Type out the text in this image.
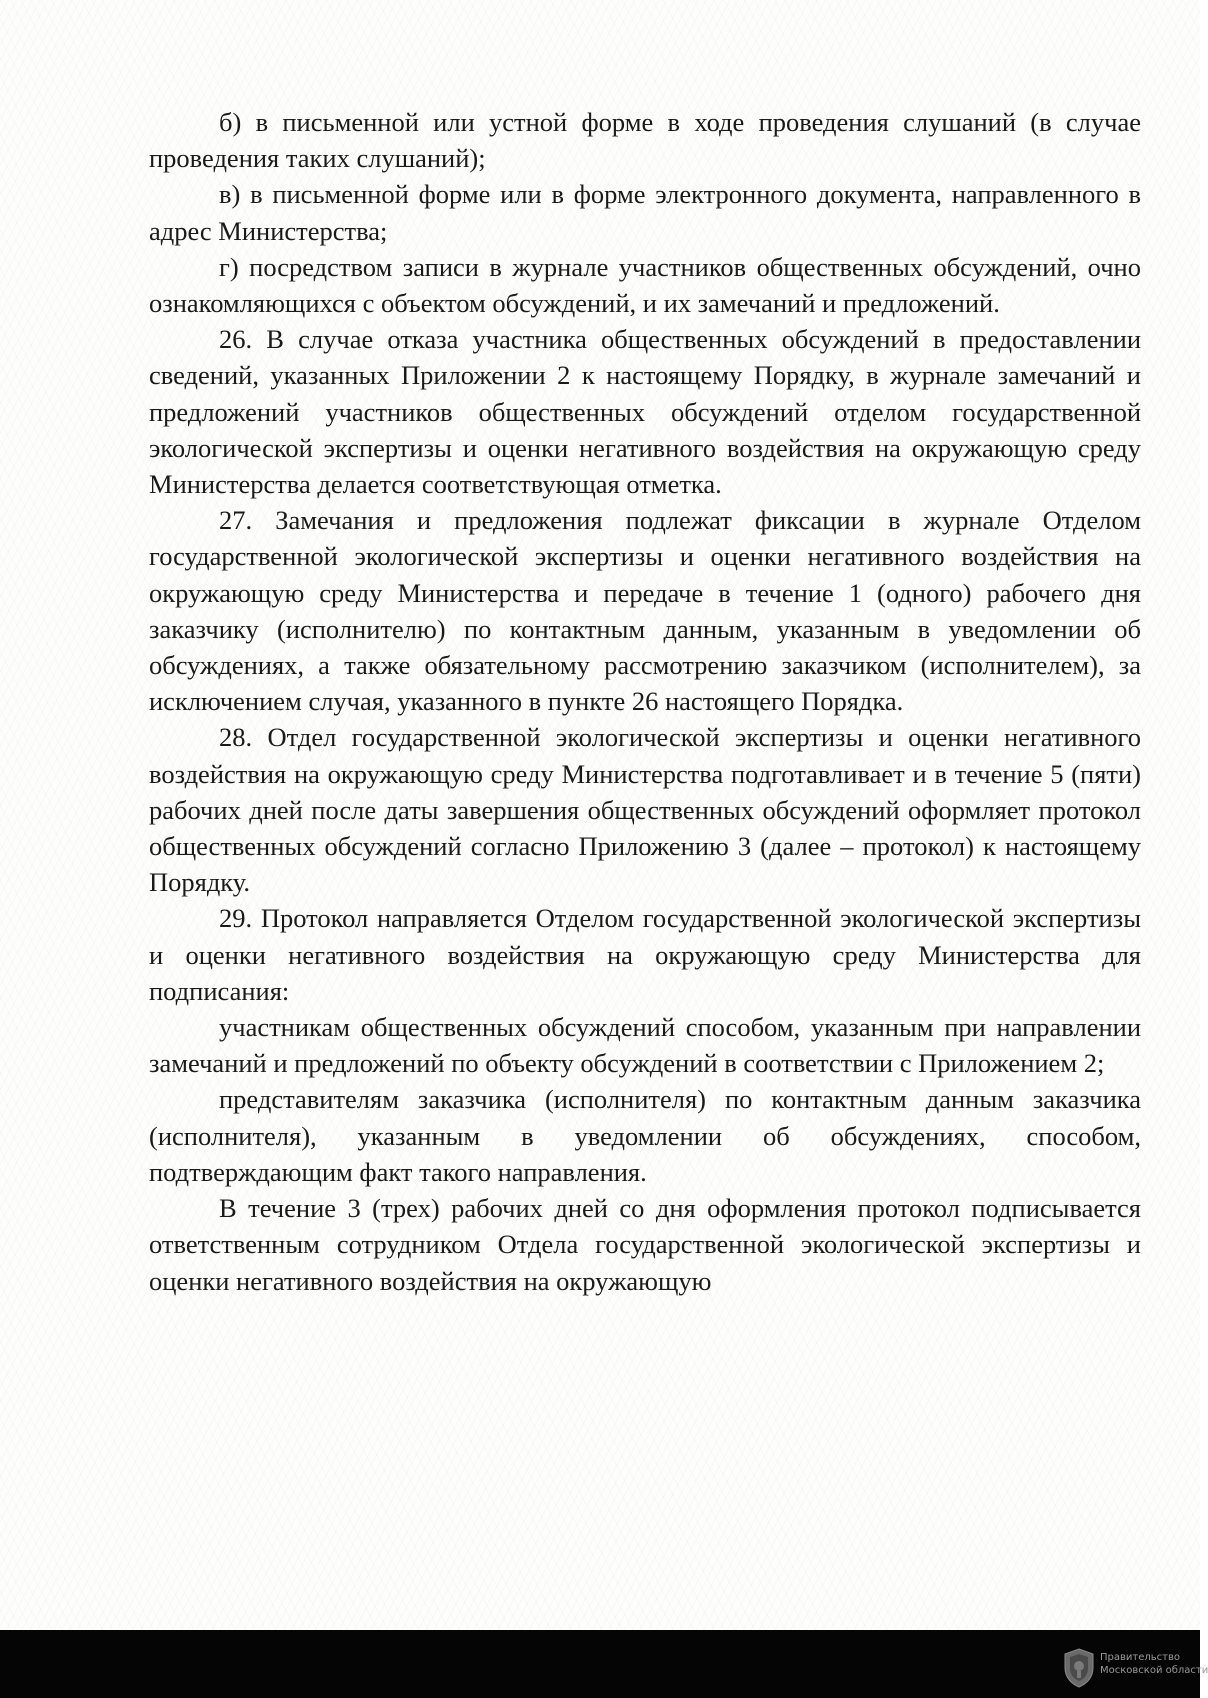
б) в письменной или устной форме в ходе проведения слушаний (в случае проведения таких слушаний);

в) в письменной форме или в форме электронного документа, направленного в адрес Министерства;

г) посредством записи в журнале участников общественных обсуждений, очно ознакомляющихся с объектом обсуждений, и их замечаний и предложений.

26. В случае отказа участника общественных обсуждений в предоставлении сведений, указанных Приложении 2 к настоящему Порядку, в журнале замечаний и предложений участников общественных обсуждений отделом государственной экологической экспертизы и оценки негативного воздействия на окружающую среду Министерства делается соответствующая отметка.

27. Замечания и предложения подлежат фиксации в журнале Отделом государственной экологической экспертизы и оценки негативного воздействия на окружающую среду Министерства и передаче в течение 1 (одного) рабочего дня заказчику (исполнителю) по контактным данным, указанным в уведомлении об обсуждениях, а также обязательному рассмотрению заказчиком (исполнителем), за исключением случая, указанного в пункте 26 настоящего Порядка.

28. Отдел государственной экологической экспертизы и оценки негативного воздействия на окружающую среду Министерства подготавливает и в течение 5 (пяти) рабочих дней после даты завершения общественных обсуждений оформляет протокол общественных обсуждений согласно Приложению 3 (далее – протокол) к настоящему Порядку.

29. Протокол направляется Отделом государственной экологической экспертизы и оценки негативного воздействия на окружающую среду Министерства для подписания:

участникам общественных обсуждений способом, указанным при направлении замечаний и предложений по объекту обсуждений в соответствии с Приложением 2;

представителям заказчика (исполнителя) по контактным данным заказчика (исполнителя), указанным в уведомлении об обсуждениях, способом, подтверждающим факт такого направления.

В течение 3 (трех) рабочих дней со дня оформления протокол подписывается ответственным сотрудником Отдела государственной экологической экспертизы и оценки негативного воздействия на окружающую

Правительство
Московской области
